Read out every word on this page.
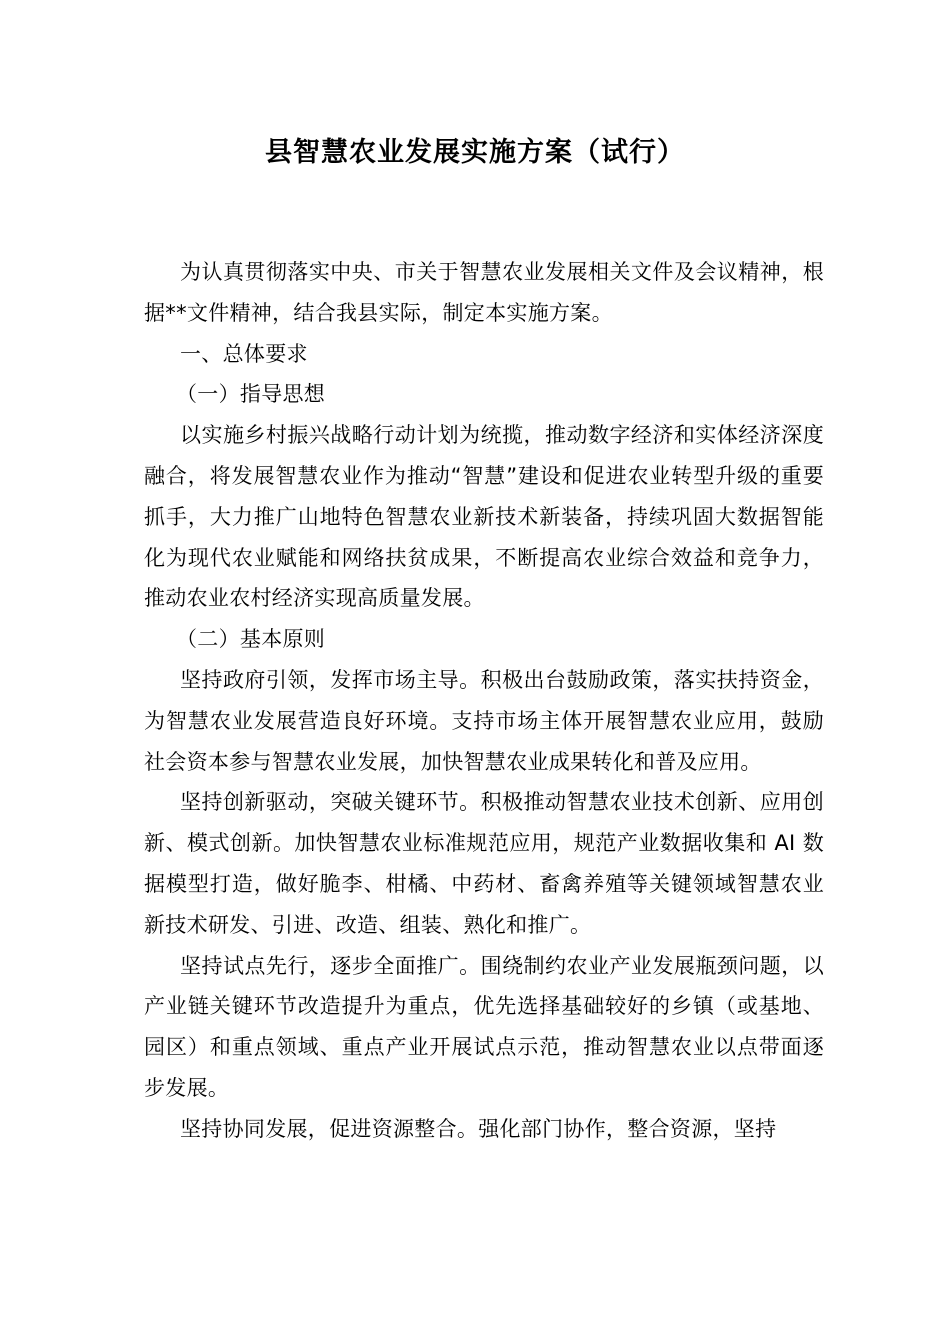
县智慧农业发展实施方案（试行）

为认真贯彻落实中央、市关于智慧农业发展相关文件及会议精神，根据**文件精神，结合我县实际，制定本实施方案。

一、总体要求

（一）指导思想

以实施乡村振兴战略行动计划为统揽，推动数字经济和实体经济深度融合，将发展智慧农业作为推动“智慧”建设和促进农业转型升级的重要抓手，大力推广山地特色智慧农业新技术新装备，持续巩固大数据智能化为现代农业赋能和网络扶贫成果，不断提高农业综合效益和竞争力，推动农业农村经济实现高质量发展。

（二）基本原则

坚持政府引领，发挥市场主导。积极出台鼓励政策，落实扶持资金，为智慧农业发展营造良好环境。支持市场主体开展智慧农业应用，鼓励社会资本参与智慧农业发展，加快智慧农业成果转化和普及应用。

坚持创新驱动，突破关键环节。积极推动智慧农业技术创新、应用创新、模式创新。加快智慧农业标准规范应用，规范产业数据收集和 AI 数据模型打造，做好脆李、柑橘、中药材、畜禽养殖等关键领域智慧农业新技术研发、引进、改造、组装、熟化和推广。

坚持试点先行，逐步全面推广。围绕制约农业产业发展瓶颈问题，以产业链关键环节改造提升为重点，优先选择基础较好的乡镇（或基地、园区）和重点领域、重点产业开展试点示范，推动智慧农业以点带面逐步发展。

坚持协同发展，促进资源整合。强化部门协作，整合资源，坚持
